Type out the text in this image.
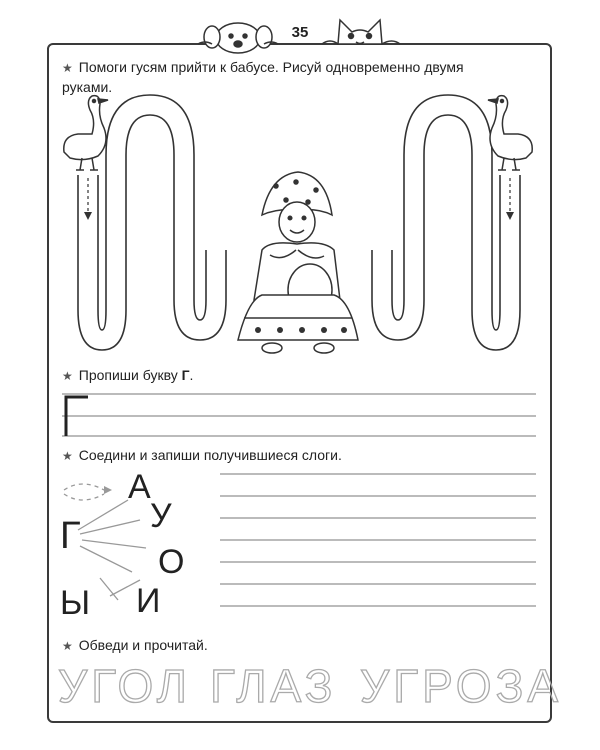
35
★ Помоги гусям прийти к бабусе. Рисуй одновременно двумя
руками.
★ Пропиши букву Г.
★ Соедини и запиши получившиеся слоги.
Г
Ы
А
У
О
И
★ Обведи и прочитай.
УГОЛ ГЛАЗ УГРОЗА
